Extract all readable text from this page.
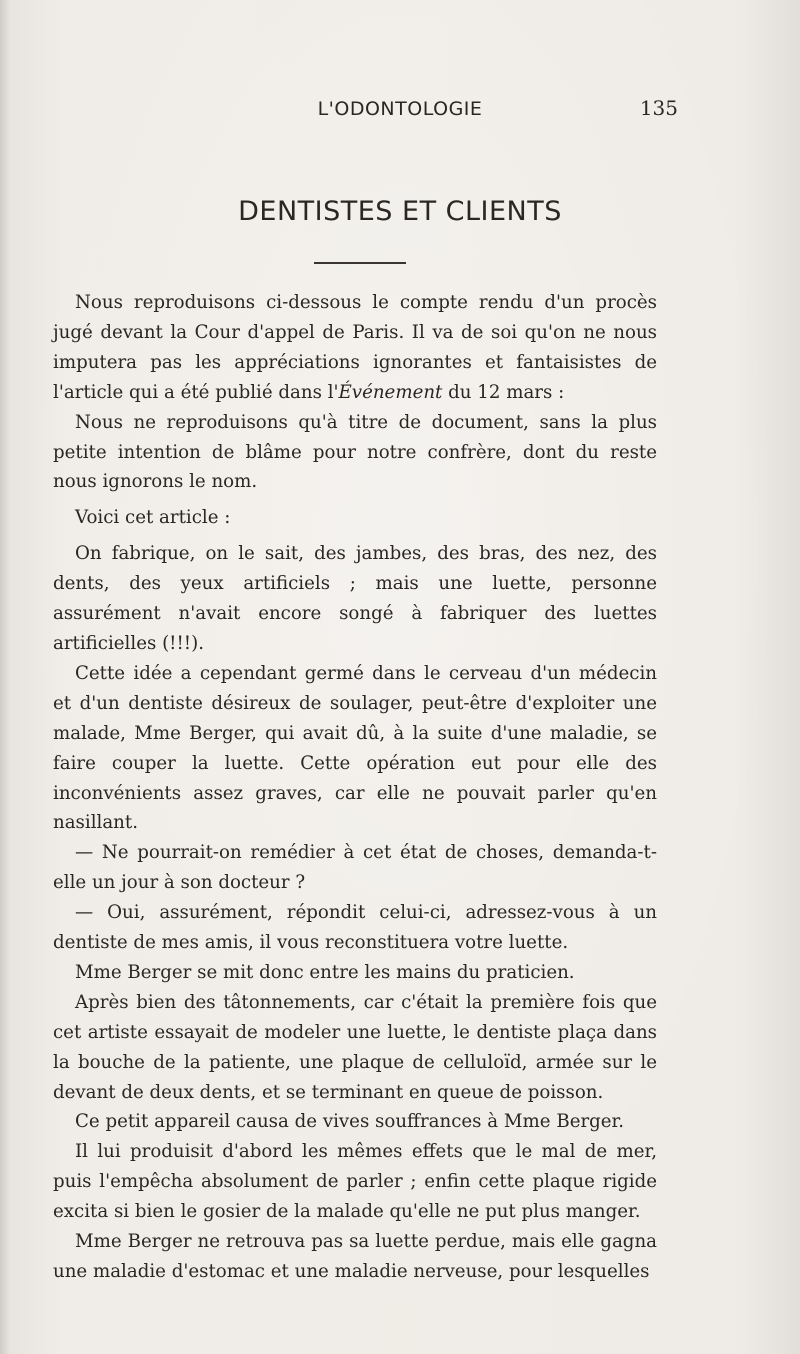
L'ODONTOLOGIE	135
DENTISTES ET CLIENTS

Nous reproduisons ci-dessous le compte rendu d'un procès jugé devant la Cour d'appel de Paris. Il va de soi qu'on ne nous imputera pas les appréciations ignorantes et fantaisistes de l'article qui a été publié dans l'Événement du 12 mars :

Nous ne reproduisons qu'à titre de document, sans la plus petite intention de blâme pour notre confrère, dont du reste nous ignorons le nom.

Voici cet article :

On fabrique, on le sait, des jambes, des bras, des nez, des dents, des yeux artificiels ; mais une luette, personne assurément n'avait encore songé à fabriquer des luettes artificielles (!!!).

Cette idée a cependant germé dans le cerveau d'un médecin et d'un dentiste désireux de soulager, peut-être d'exploiter une malade, Mme Berger, qui avait dû, à la suite d'une maladie, se faire couper la luette. Cette opération eut pour elle des inconvénients assez graves, car elle ne pouvait parler qu'en nasillant.

— Ne pourrait-on remédier à cet état de choses, demanda-t-elle un jour à son docteur ?

— Oui, assurément, répondit celui-ci, adressez-vous à un dentiste de mes amis, il vous reconstituera votre luette.

Mme Berger se mit donc entre les mains du praticien.

Après bien des tâtonnements, car c'était la première fois que cet artiste essayait de modeler une luette, le dentiste plaça dans la bouche de la patiente, une plaque de celluloïd, armée sur le devant de deux dents, et se terminant en queue de poisson.

Ce petit appareil causa de vives souffrances à Mme Berger.

Il lui produisit d'abord les mêmes effets que le mal de mer, puis l'empêcha absolument de parler ; enfin cette plaque rigide excita si bien le gosier de la malade qu'elle ne put plus manger.

Mme Berger ne retrouva pas sa luette perdue, mais elle gagna une maladie d'estomac et une maladie nerveuse, pour lesquelles
